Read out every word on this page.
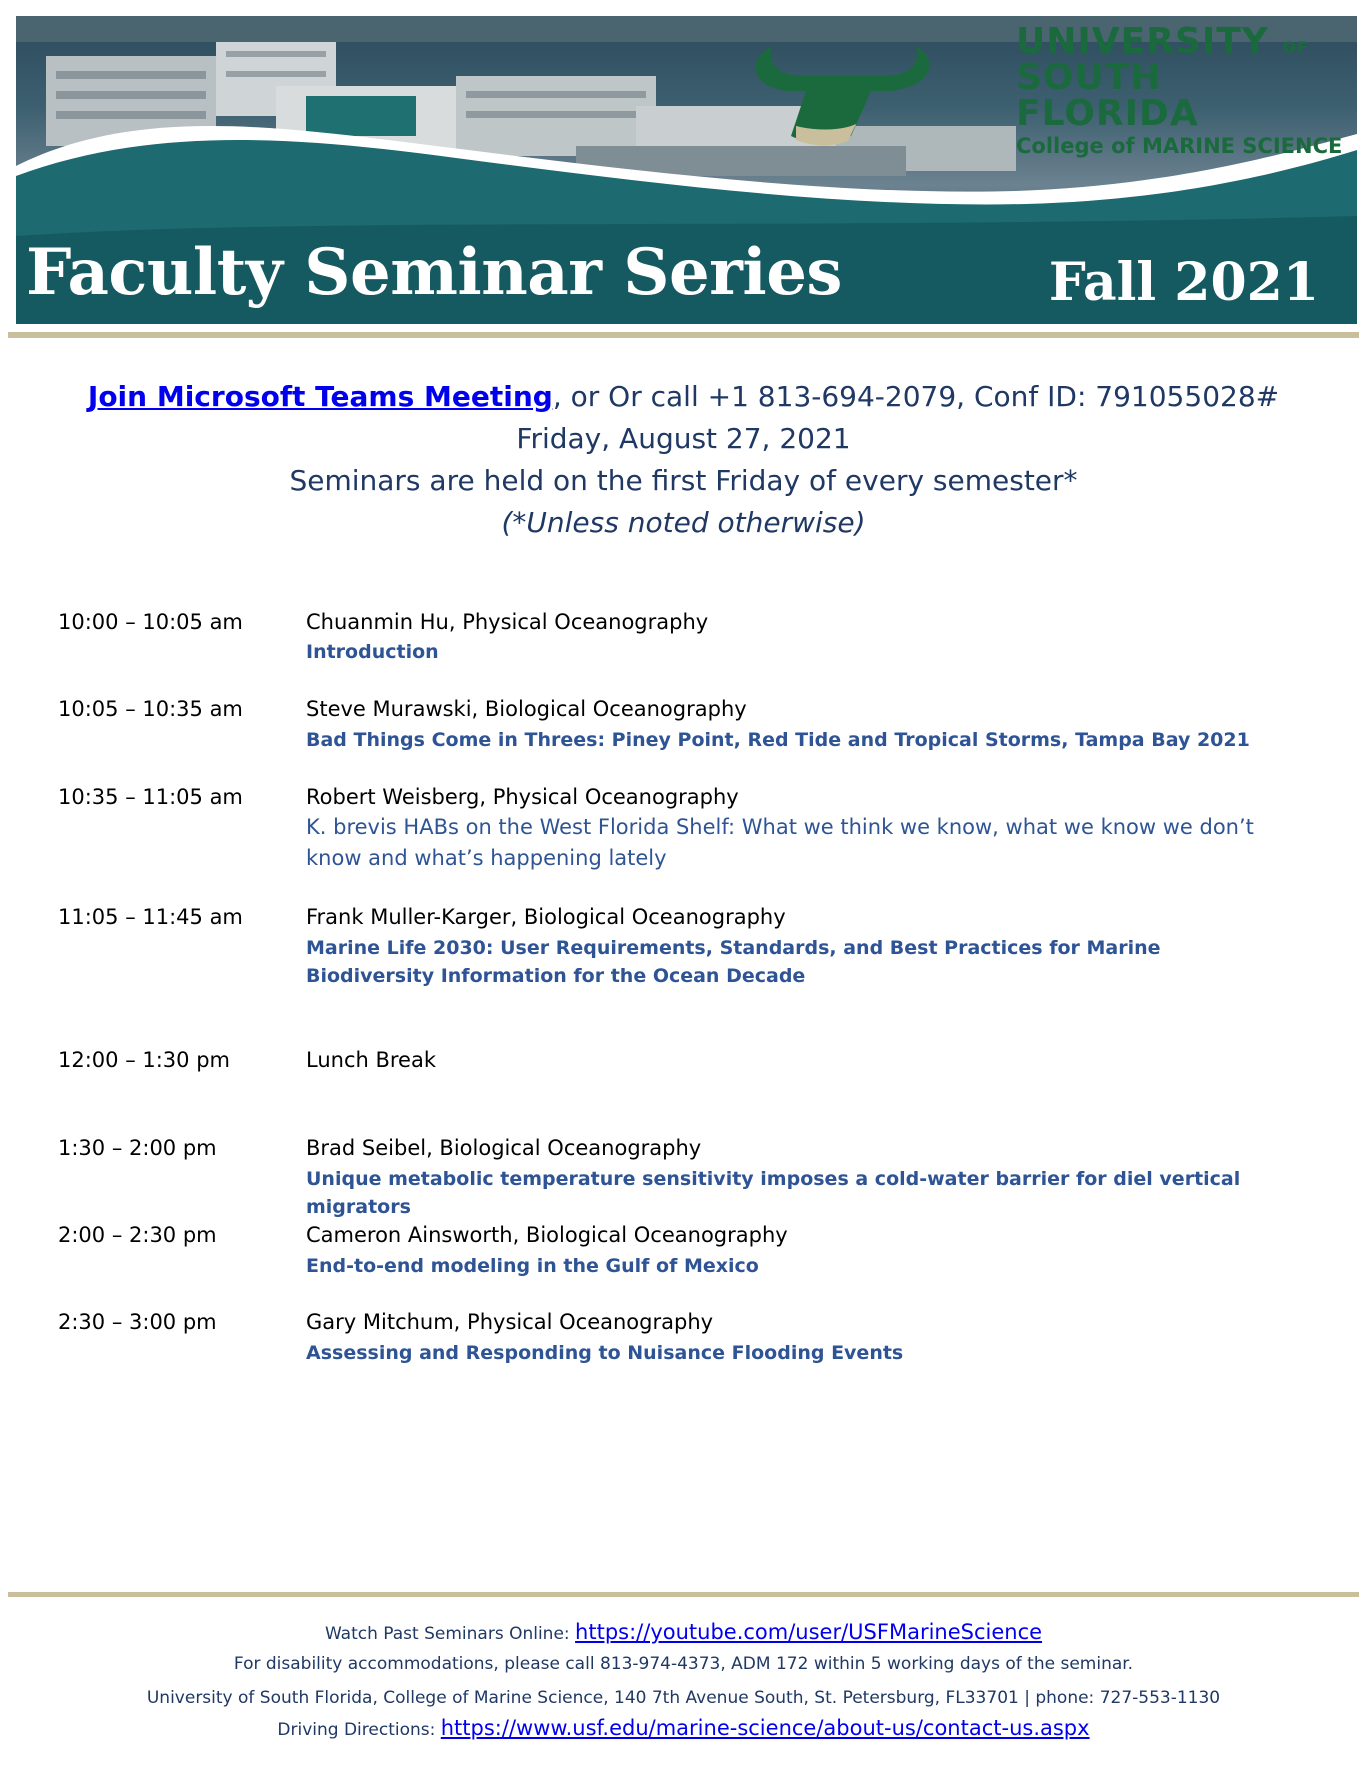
UNIVERSITY OF
SOUTH FLORIDA
College of MARINE SCIENCE
Faculty Seminar Series	Fall 2021
Join Microsoft Teams Meeting, or Or call +1 813-694-2079, Conf ID: 791055028#
Friday, August 27, 2021
Seminars are held on the first Friday of every semester*
(*Unless noted otherwise)
10:00 – 10:05 am	Chuanmin Hu, Physical Oceanography
Introduction
10:05 – 10:35 am	Steve Murawski, Biological Oceanography
Bad Things Come in Threes: Piney Point, Red Tide and Tropical Storms, Tampa Bay 2021
10:35 – 11:05 am	Robert Weisberg, Physical Oceanography
K. brevis HABs on the West Florida Shelf: What we think we know, what we know we don’t know and what’s happening lately
11:05 – 11:45 am	Frank Muller-Karger, Biological Oceanography
Marine Life 2030: User Requirements, Standards, and Best Practices for Marine Biodiversity Information for the Ocean Decade
12:00 – 1:30 pm	Lunch Break
1:30 – 2:00 pm	Brad Seibel, Biological Oceanography
Unique metabolic temperature sensitivity imposes a cold-water barrier for diel vertical migrators
2:00 – 2:30 pm	Cameron Ainsworth, Biological Oceanography
End-to-end modeling in the Gulf of Mexico
2:30 – 3:00 pm	Gary Mitchum, Physical Oceanography
Assessing and Responding to Nuisance Flooding Events
Watch Past Seminars Online: https://youtube.com/user/USFMarineScience
For disability accommodations, please call 813-974-4373, ADM 172 within 5 working days of the seminar.
University of South Florida, College of Marine Science, 140 7th Avenue South, St. Petersburg, FL33701 | phone: 727-553-1130
Driving Directions: https://www.usf.edu/marine-science/about-us/contact-us.aspx
